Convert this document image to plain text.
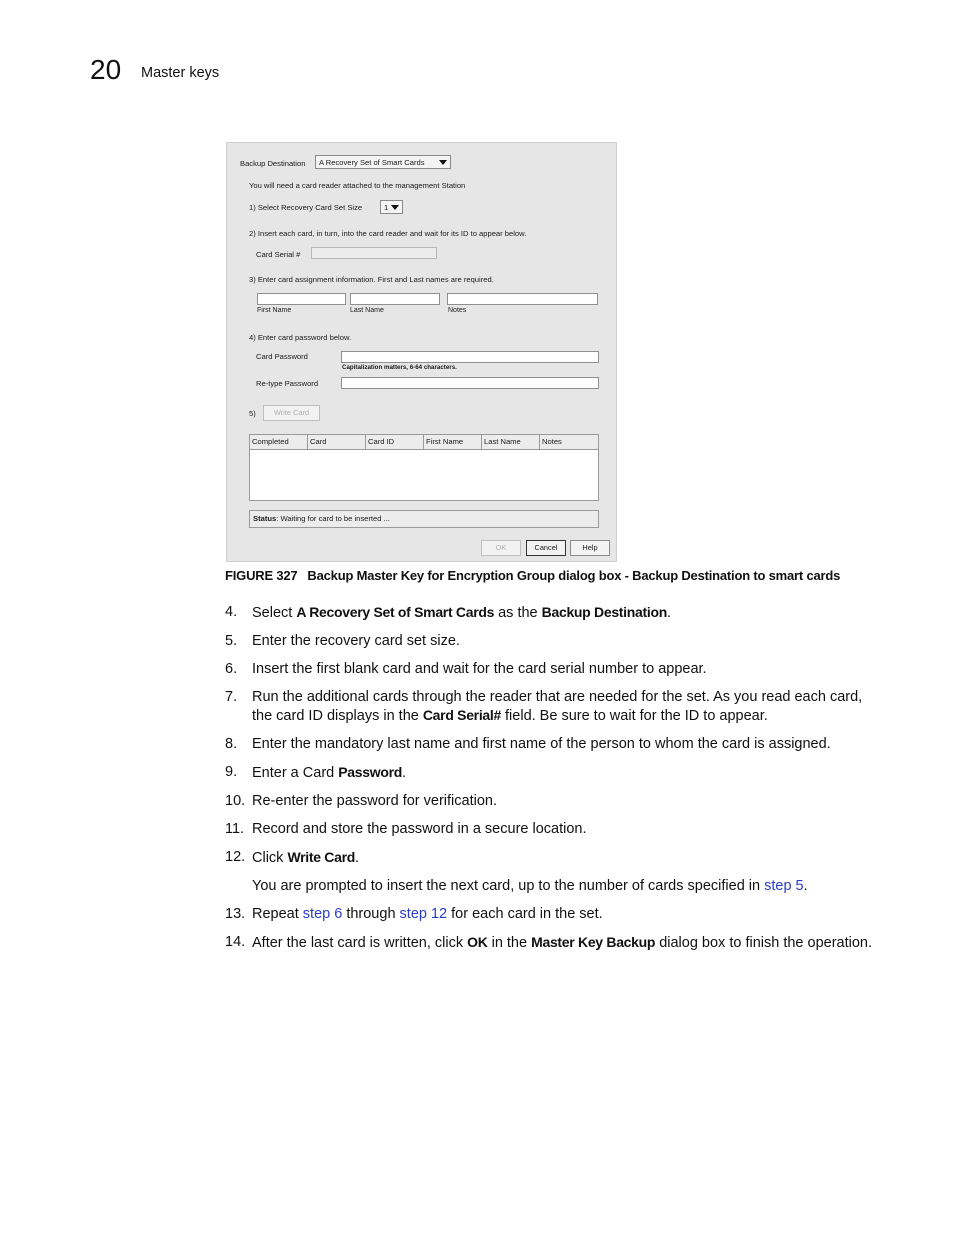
20 Master keys
Backup Destination A Recovery Set of Smart Cards
You will need a card reader attached to the management Station
1) Select Recovery Card Set Size	1
2) Insert each card, in turn, into the card reader and wait for its ID to appear below.
Card Serial #
3) Enter card assignment information. First and Last names are required.
First Name	Last Name	Notes
4) Enter card password below.
Card Password
Capitalization matters, 6-64 characters.
Re-type Password
5)	Write Card
Completed	Card	Card ID	First Name	Last Name	Notes
Status: Waiting for card to be inserted ...
OK	Cancel	Help
FIGURE 327 Backup Master Key for Encryption Group dialog box - Backup Destination to smart cards
4. Select A Recovery Set of Smart Cards as the Backup Destination.
5. Enter the recovery card set size.
6. Insert the first blank card and wait for the card serial number to appear.
7. Run the additional cards through the reader that are needed for the set. As you read each card, the card ID displays in the Card Serial# field. Be sure to wait for the ID to appear.
8. Enter the mandatory last name and first name of the person to whom the card is assigned.
9. Enter a Card Password.
10. Re-enter the password for verification.
11. Record and store the password in a secure location.
12. Click Write Card.
You are prompted to insert the next card, up to the number of cards specified in step 5.
13. Repeat step 6 through step 12 for each card in the set.
14. After the last card is written, click OK in the Master Key Backup dialog box to finish the operation.
